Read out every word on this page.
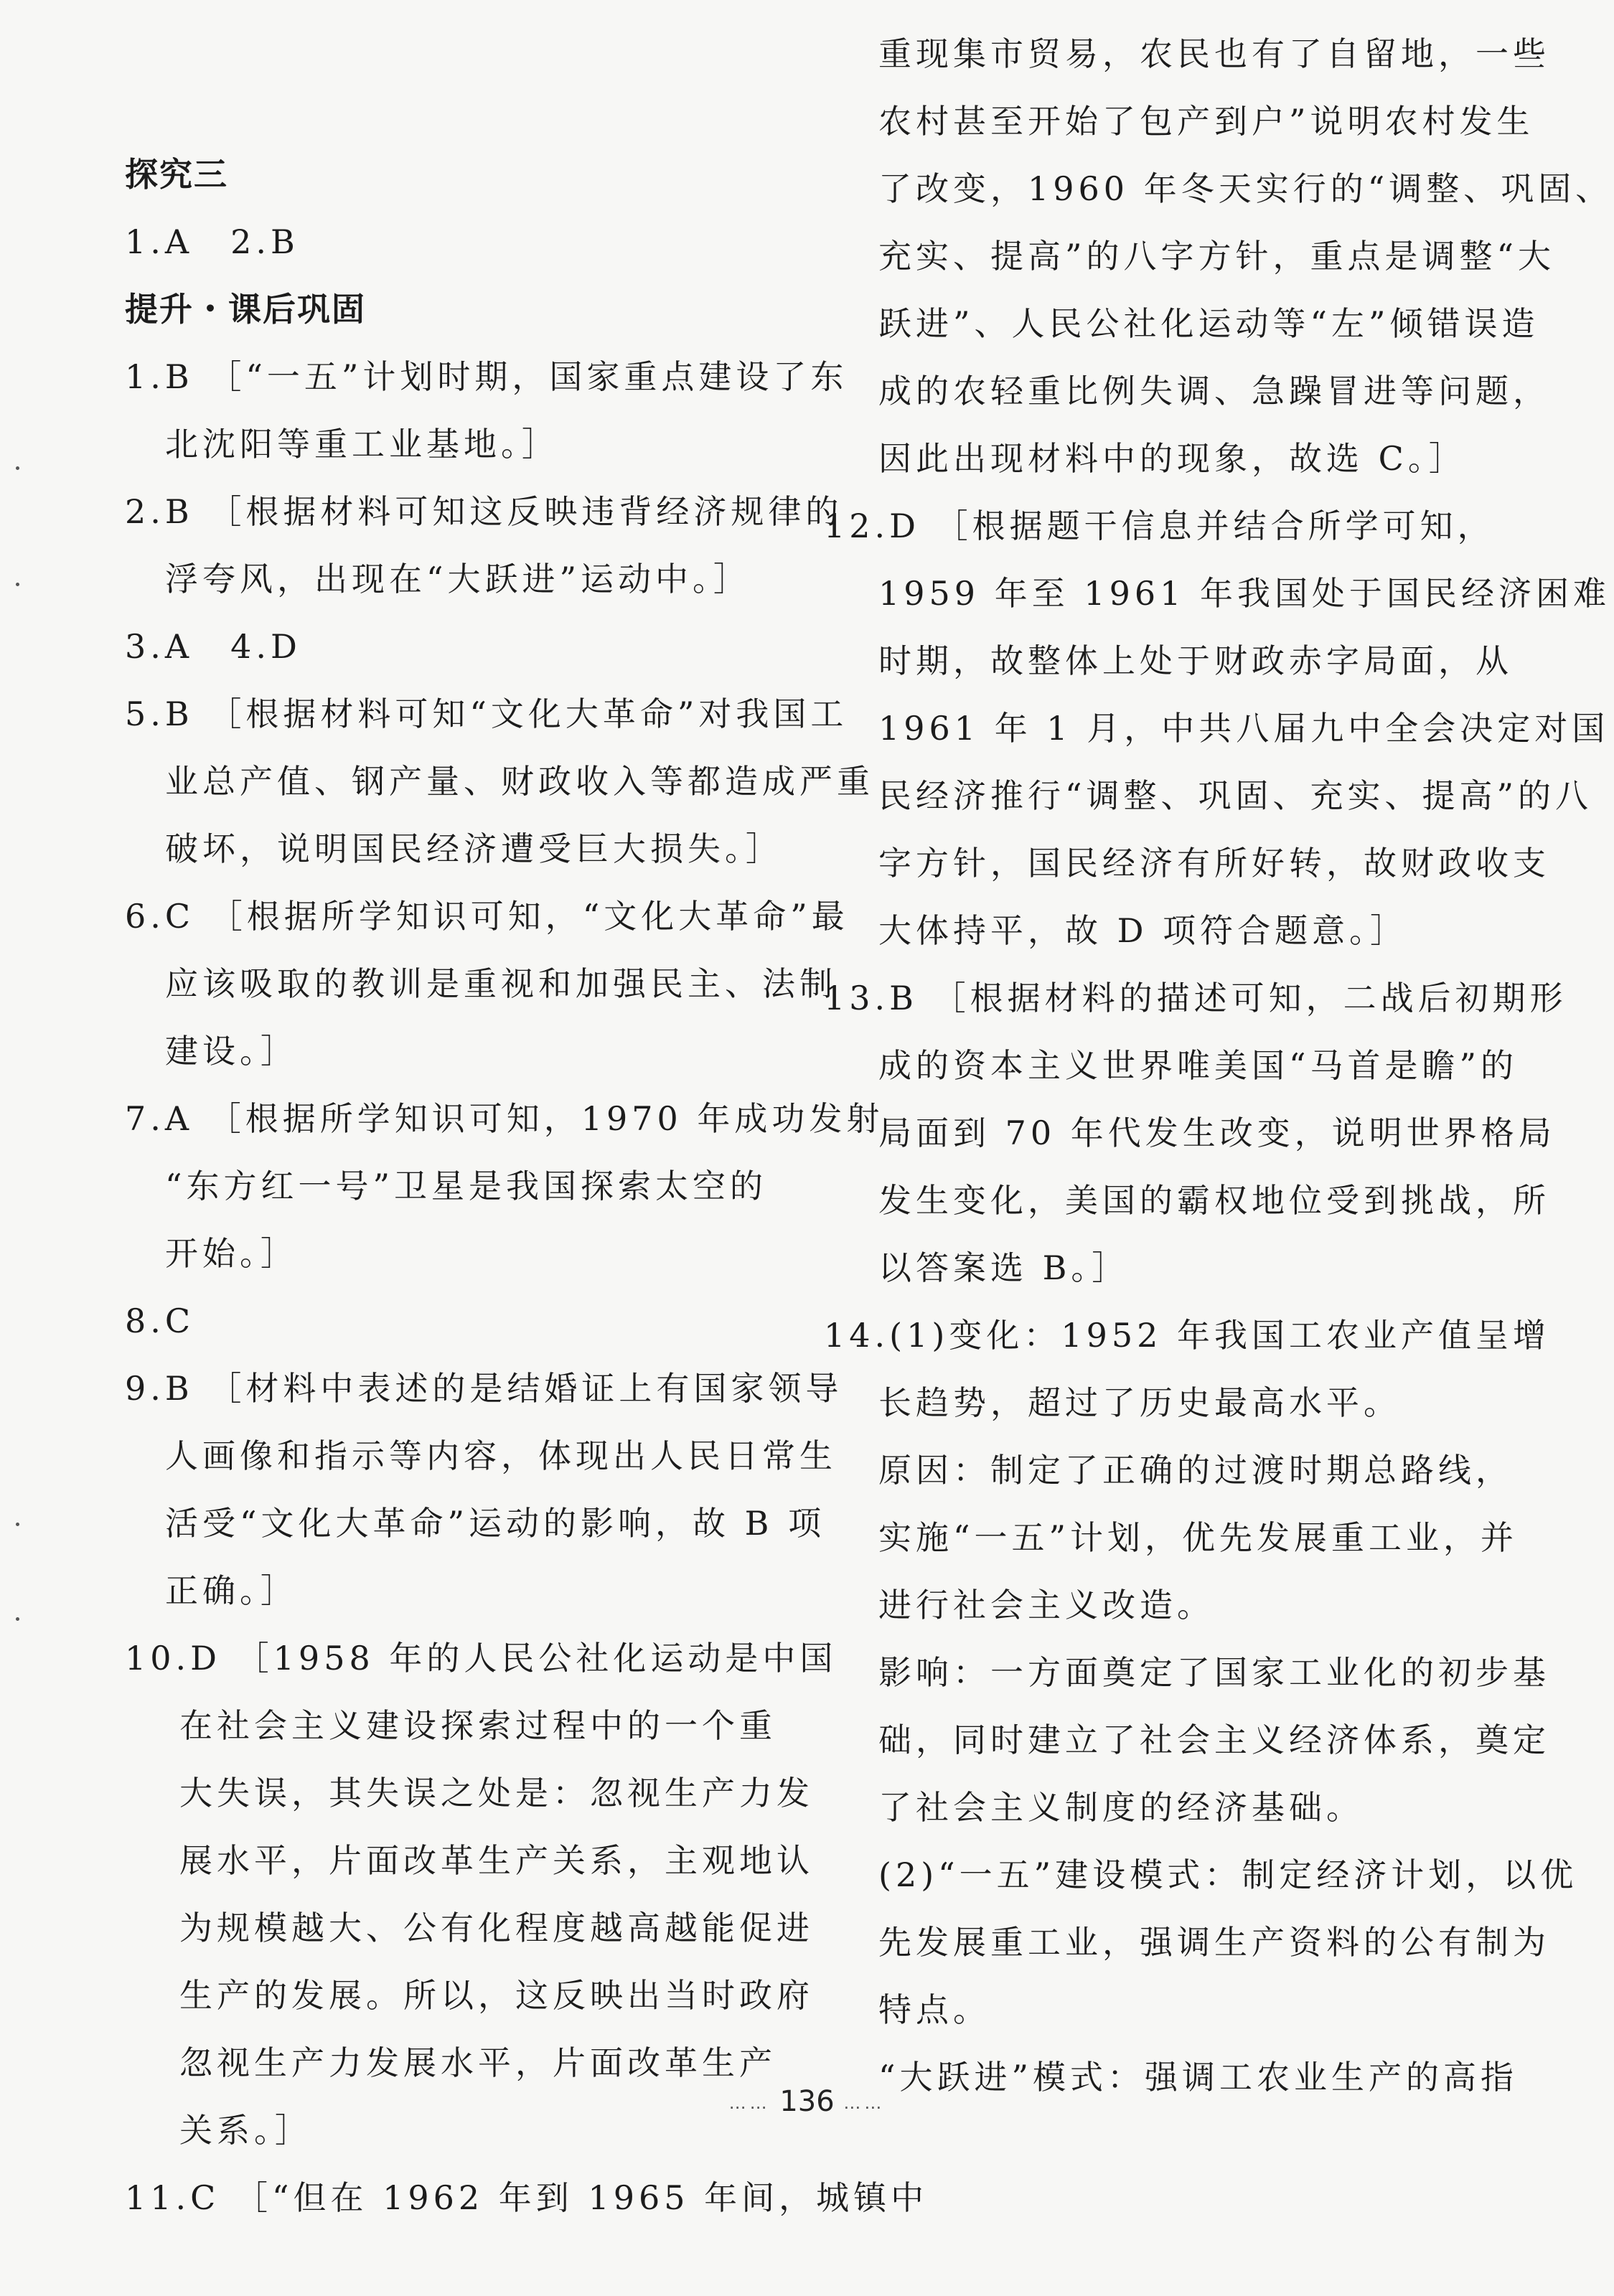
探究三
1.A　2.B
提升・课后巩固
1.B ［“一五”计划时期，国家重点建设了东
北沈阳等重工业基地。］
2.B ［根据材料可知这反映违背经济规律的
浮夸风，出现在“大跃进”运动中。］
3.A　4.D
5.B ［根据材料可知“文化大革命”对我国工
业总产值、钢产量、财政收入等都造成严重
破坏，说明国民经济遭受巨大损失。］
6.C ［根据所学知识可知，“文化大革命”最
应该吸取的教训是重视和加强民主、法制
建设。］
7.A ［根据所学知识可知，1970 年成功发射
“东方红一号”卫星是我国探索太空的
开始。］
8.C
9.B ［材料中表述的是结婚证上有国家领导
人画像和指示等内容，体现出人民日常生
活受“文化大革命”运动的影响，故 B 项
正确。］
10.D ［1958 年的人民公社化运动是中国
在社会主义建设探索过程中的一个重
大失误，其失误之处是：忽视生产力发
展水平，片面改革生产关系，主观地认
为规模越大、公有化程度越高越能促进
生产的发展。所以，这反映出当时政府
忽视生产力发展水平，片面改革生产
关系。］
11.C ［“但在 1962 年到 1965 年间，城镇中
重现集市贸易，农民也有了自留地，一些
农村甚至开始了包产到户”说明农村发生
了改变，1960 年冬天实行的“调整、巩固、
充实、提高”的八字方针，重点是调整“大
跃进”、人民公社化运动等“左”倾错误造
成的农轻重比例失调、急躁冒进等问题，
因此出现材料中的现象，故选 C。］
12.D ［根据题干信息并结合所学可知，
1959 年至 1961 年我国处于国民经济困难
时期，故整体上处于财政赤字局面，从
1961 年 1 月，中共八届九中全会决定对国
民经济推行“调整、巩固、充实、提高”的八
字方针，国民经济有所好转，故财政收支
大体持平，故 D 项符合题意。］
13.B ［根据材料的描述可知，二战后初期形
成的资本主义世界唯美国“马首是瞻”的
局面到 70 年代发生改变，说明世界格局
发生变化，美国的霸权地位受到挑战，所
以答案选 B。］
14.(1)变化：1952 年我国工农业产值呈增
长趋势，超过了历史最高水平。
原因：制定了正确的过渡时期总路线，
实施“一五”计划，优先发展重工业，并
进行社会主义改造。
影响：一方面奠定了国家工业化的初步基
础，同时建立了社会主义经济体系，奠定
了社会主义制度的经济基础。
(2)“一五”建设模式：制定经济计划，以优
先发展重工业，强调生产资料的公有制为
特点。
“大跃进”模式：强调工农业生产的高指
…… 136 ……
